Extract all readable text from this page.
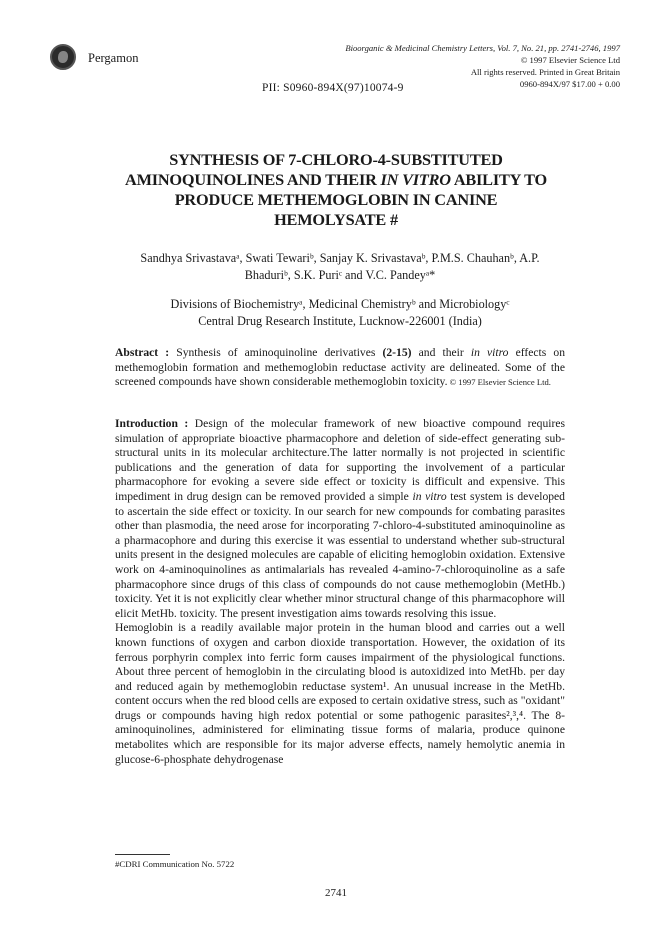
Pergamon
Bioorganic & Medicinal Chemistry Letters, Vol. 7, No. 21, pp. 2741-2746, 1997
© 1997 Elsevier Science Ltd
All rights reserved. Printed in Great Britain
0960-894X/97 $17.00 + 0.00
PII: S0960-894X(97)10074-9
SYNTHESIS OF 7-CHLORO-4-SUBSTITUTED
AMINOQUINOLINES AND THEIR IN VITRO ABILITY TO
PRODUCE METHEMOGLOBIN IN CANINE
HEMOLYSATE #
Sandhya Srivastavaᵃ, Swati Tewariᵇ, Sanjay K. Srivastavaᵇ, P.M.S. Chauhanᵇ, A.P.
Bhaduriᵇ, S.K. Puriᶜ and V.C. Pandeyᵃ*
Divisions of Biochemistryᵃ, Medicinal Chemistryᵇ and Microbiologyᶜ
Central Drug Research Institute, Lucknow-226001 (India)
Abstract : Synthesis of aminoquinoline derivatives (2-15) and their in vitro effects on methemoglobin formation and methemoglobin reductase activity are delineated. Some of the screened compounds have shown considerable methemoglobin toxicity. © 1997 Elsevier Science Ltd.
Introduction : Design of the molecular framework of new bioactive compound requires simulation of appropriate bioactive pharmacophore and deletion of side-effect generating sub-structural units in its molecular architecture.The latter normally is not projected in scientific publications and the generation of data for supporting the involvement of a particular pharmacophore for evoking a severe side effect or toxicity is difficult and expensive. This impediment in drug design can be removed provided a simple in vitro test system is developed to ascertain the side effect or toxicity. In our search for new compounds for combating parasites other than plasmodia, the need arose for incorporating 7-chloro-4-substituted aminoquinoline as a pharmacophore and during this exercise it was essential to understand whether sub-structural units present in the designed molecules are capable of eliciting hemoglobin oxidation. Extensive work on 4-aminoquinolines as antimalarials has revealed 4-amino-7-chloroquinoline as a safe pharmacophore since drugs of this class of compounds do not cause methemoglobin (MetHb.) toxicity. Yet it is not explicitly clear whether minor structural change of this pharmacophore will elicit MetHb. toxicity. The present investigation aims towards resolving this issue.
Hemoglobin is a readily available major protein in the human blood and carries out a well known functions of oxygen and carbon dioxide transportation. However, the oxidation of its ferrous porphyrin complex into ferric form causes impairment of the physiological functions. About three percent of hemoglobin in the circulating blood is autoxidized into MetHb. per day and reduced again by methemoglobin reductase system¹. An unusual increase in the MetHb. content occurs when the red blood cells are exposed to certain oxidative stress, such as "oxidant" drugs or compounds having high redox potential or some pathogenic parasites²,³,⁴. The 8-aminoquinolines, administered for eliminating tissue forms of malaria, produce quinone metabolites which are responsible for its major adverse effects, namely hemolytic anemia in glucose-6-phosphate dehydrogenase
#CDRI Communication No. 5722
2741
